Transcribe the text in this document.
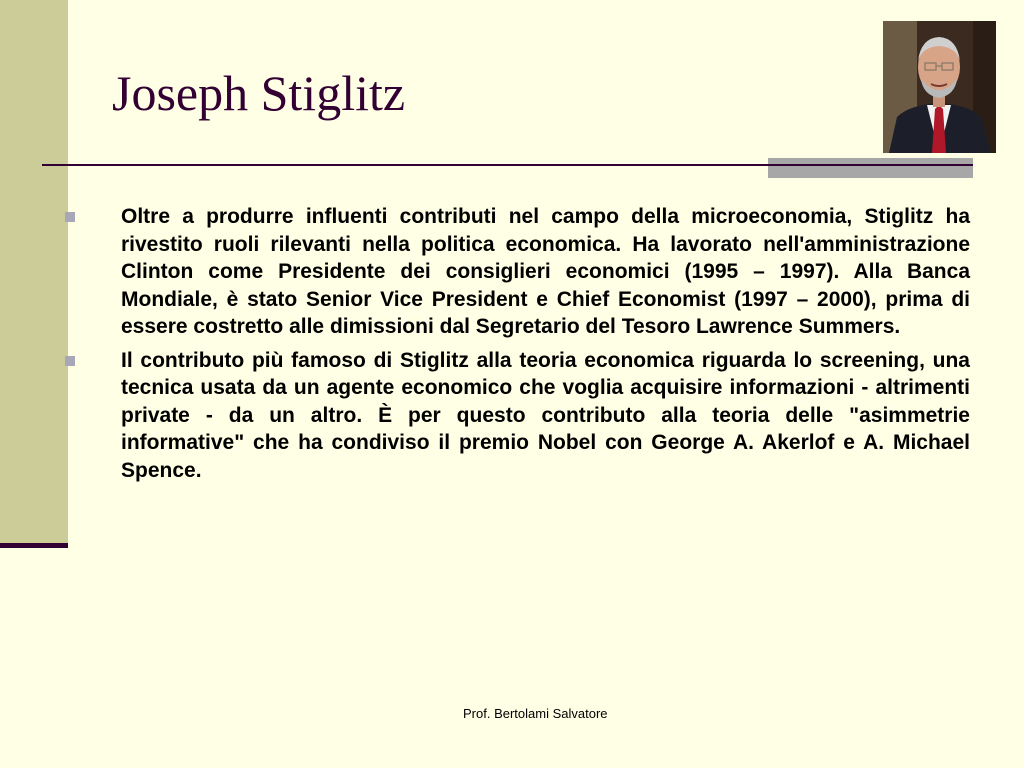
Joseph Stiglitz

Oltre a produrre influenti contributi nel campo della microeconomia, Stiglitz ha rivestito ruoli rilevanti nella politica economica. Ha lavorato nell'amministrazione Clinton come Presidente dei consiglieri economici (1995 – 1997). Alla Banca Mondiale, è stato Senior Vice President e Chief Economist (1997 – 2000), prima di essere costretto alle dimissioni dal Segretario del Tesoro Lawrence Summers.

Il contributo più famoso di Stiglitz alla teoria economica riguarda lo screening, una tecnica usata da un agente economico che voglia acquisire informazioni - altrimenti private - da un altro. È per questo contributo alla teoria delle "asimmetrie informative" che ha condiviso il premio Nobel con George A. Akerlof e A. Michael Spence.

Prof. Bertolami Salvatore
